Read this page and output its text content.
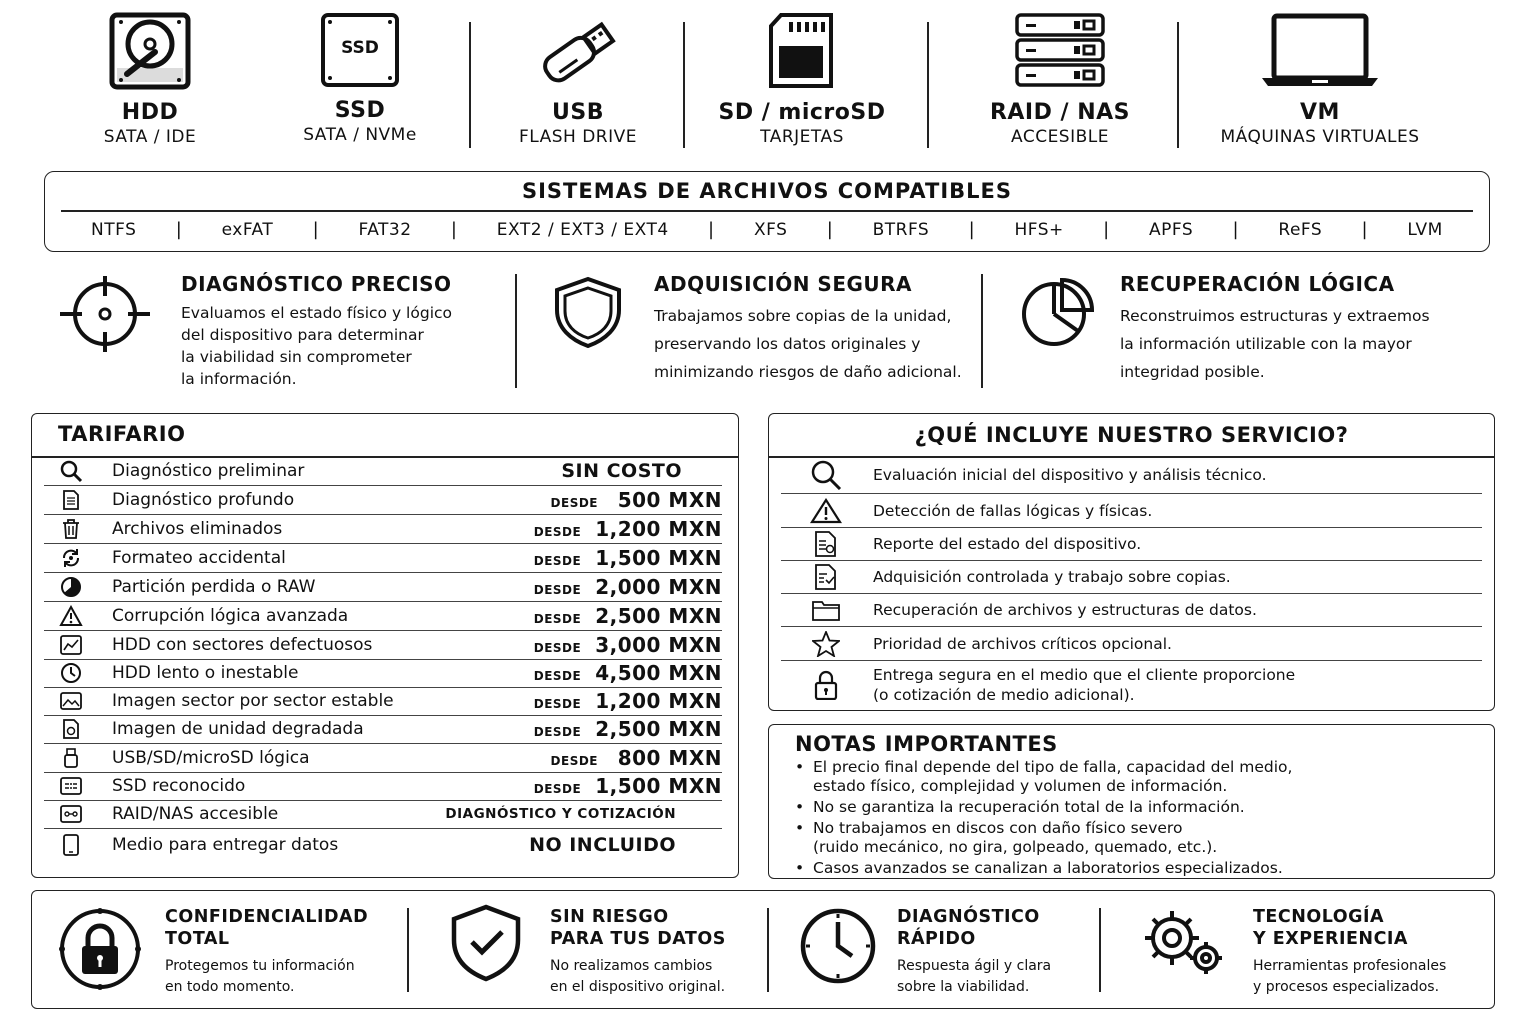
HDD
SATA / IDE
SSD
SSD
SATA / NVMe
USB
FLASH DRIVE
SD / microSD
TARJETAS
RAID / NAS
ACCESIBLE
VM
MÁQUINAS VIRTUALES
SISTEMAS DE ARCHIVOS COMPATIBLES
NTFS | exFAT | FAT32 | EXT2 / EXT3 / EXT4 | XFS | BTRFS | HFS+ | APFS | ReFS | LVM
DIAGNÓSTICO PRECISO
Evaluamos el estado físico y lógico
del dispositivo para determinar
la viabilidad sin comprometer
la información.
ADQUISICIÓN SEGURA
Trabajamos sobre copias de la unidad,
preservando los datos originales y
minimizando riesgos de daño adicional.
RECUPERACIÓN LÓGICA
Reconstruimos estructuras y extraemos
la información utilizable con la mayor
integridad posible.
TARIFARIO
Diagnóstico preliminar	SIN COSTO
Diagnóstico profundo	DESDE 500 MXN
Archivos eliminados	DESDE 1,200 MXN
Formateo accidental	DESDE 1,500 MXN
Partición perdida o RAW	DESDE 2,000 MXN
Corrupción lógica avanzada	DESDE 2,500 MXN
HDD con sectores defectuosos	DESDE 3,000 MXN
HDD lento o inestable	DESDE 4,500 MXN
Imagen sector por sector estable	DESDE 1,200 MXN
Imagen de unidad degradada	DESDE 2,500 MXN
USB/SD/microSD lógica	DESDE 800 MXN
SSD reconocido	DESDE 1,500 MXN
RAID/NAS accesible	DIAGNÓSTICO Y COTIZACIÓN
Medio para entregar datos	NO INCLUIDO
¿QUÉ INCLUYE NUESTRO SERVICIO?
Evaluación inicial del dispositivo y análisis técnico.
Detección de fallas lógicas y físicas.
Reporte del estado del dispositivo.
Adquisición controlada y trabajo sobre copias.
Recuperación de archivos y estructuras de datos.
Prioridad de archivos críticos opcional.
Entrega segura en el medio que el cliente proporcione
(o cotización de medio adicional).
NOTAS IMPORTANTES
• El precio final depende del tipo de falla, capacidad del medio,
estado físico, complejidad y volumen de información.
• No se garantiza la recuperación total de la información.
• No trabajamos en discos con daño físico severo
(ruido mecánico, no gira, golpeado, quemado, etc.).
• Casos avanzados se canalizan a laboratorios especializados.
CONFIDENCIALIDAD
TOTAL
Protegemos tu información
en todo momento.
SIN RIESGO
PARA TUS DATOS
No realizamos cambios
en el dispositivo original.
DIAGNÓSTICO
RÁPIDO
Respuesta ágil y clara
sobre la viabilidad.
TECNOLOGÍA
Y EXPERIENCIA
Herramientas profesionales
y procesos especializados.
